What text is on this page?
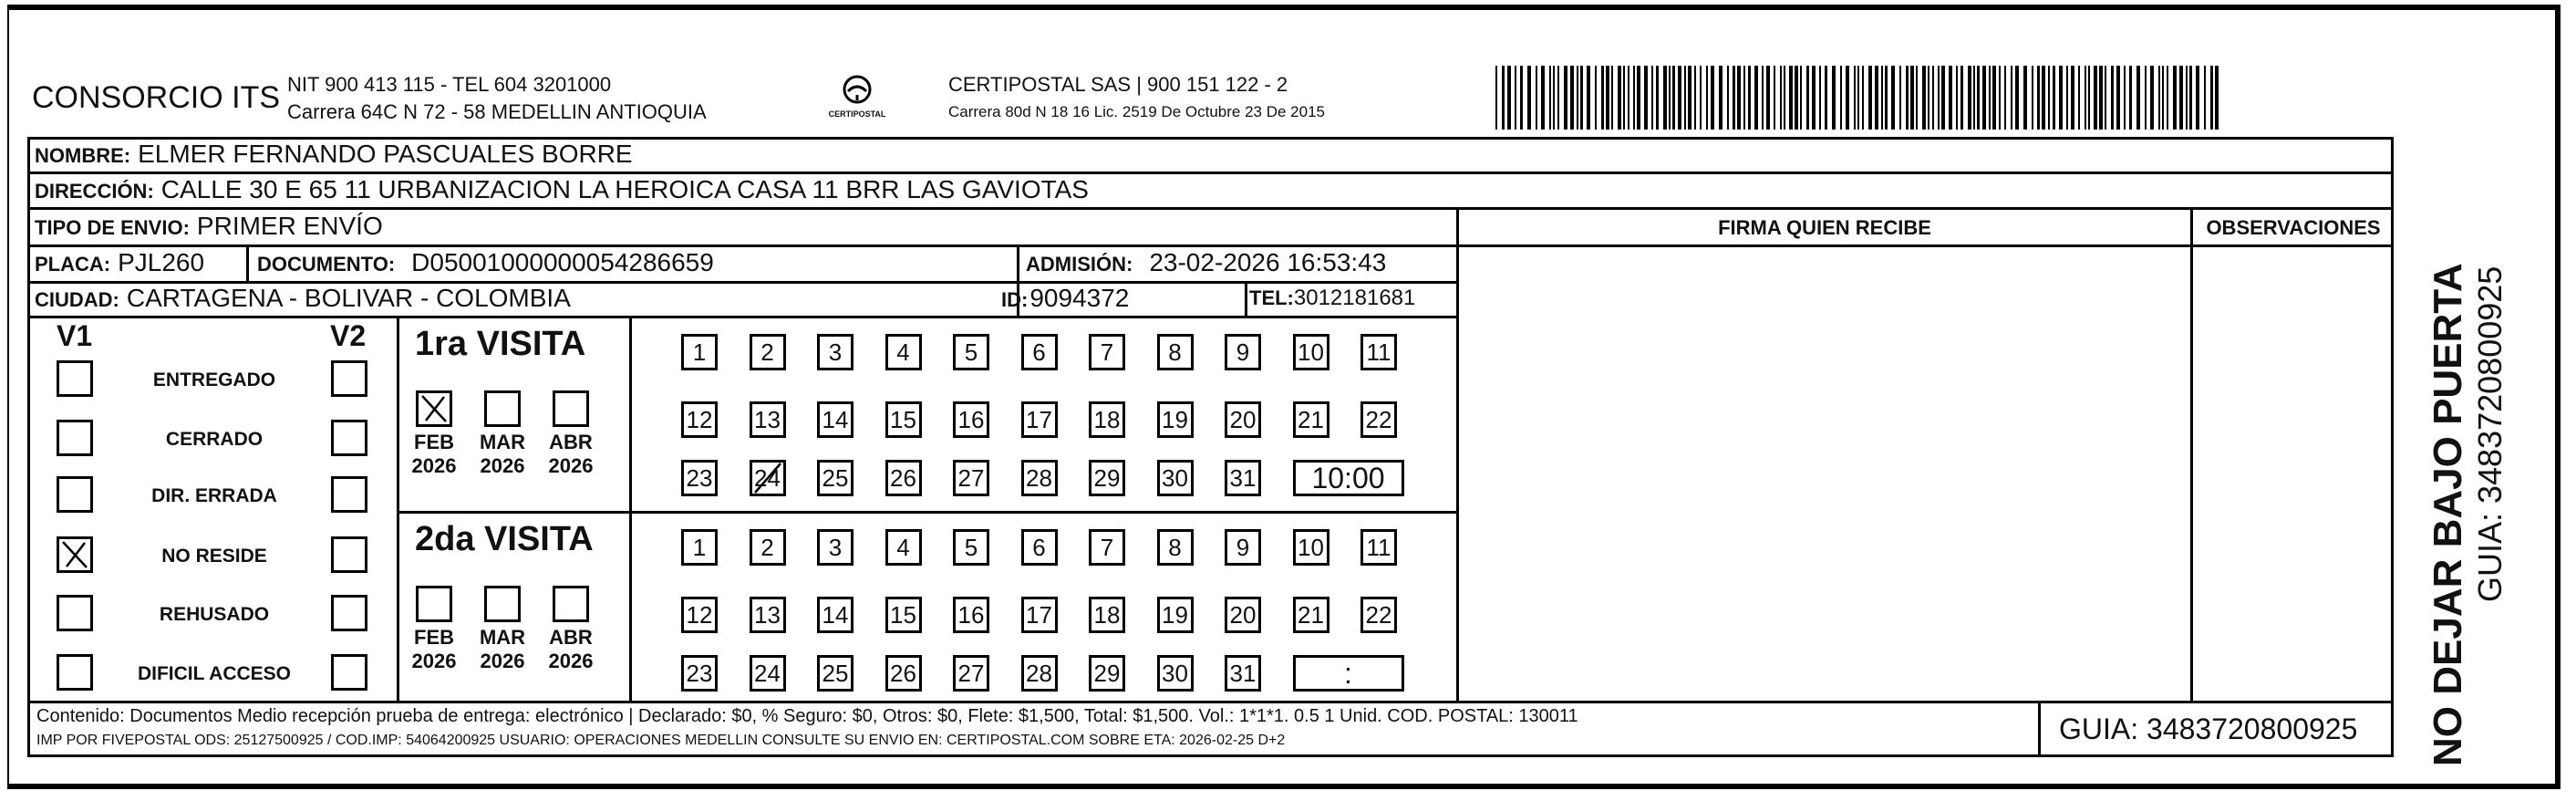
CONSORCIO ITS NIT 900 413 115 - TEL 604 3201000
Carrera 64C N 72 - 58 MEDELLIN ANTIOQUIA	CERTIPOSTAL
CERTIPOSTAL SAS | 900 151 122 - 2
Carrera 80d N 18 16 Lic. 2519 De Octubre 23 De 2015
NOMBRE: ELMER FERNANDO PASCUALES BORRE
DIRECCIÓN: CALLE 30 E 65 11 URBANIZACION LA HEROICA CASA 11 BRR LAS GAVIOTAS
TIPO DE ENVIO: PRIMER ENVÍO
PLACA: PJL260	DOCUMENTO: D05001000000054286659	ADMISIÓN: 23-02-2026 16:53:43
CIUDAD: CARTAGENA - BOLIVAR - COLOMBIA	ID: 9094372	TEL: 3012181681
FIRMA QUIEN RECIBE	OBSERVACIONES
V1	V2
ENTREGADO
CERRADO
DIR. ERRADA
NO RESIDE
REHUSADO
DIFICIL ACCESO
1ra VISITA
FEB
2026
MAR
2026
ABR
2026
1	2	3	4	5	6	7	8	9	10 11
12 13 14 15 16 17 18 19 20 21 22
23 24 25 26 27 28 29 30 31	10:00
2da VISITA
FEB
2026
MAR
2026
ABR
2026
1	2	3	4	5	6	7	8	9	10 11
12 13 14 15 16 17 18 19 20 21 22
23 24 25 26 27 28 29 30 31	:
Contenido: Documentos Medio recepción prueba de entrega: electrónico | Declarado: $0, % Seguro: $0, Otros: $0, Flete: $1,500, Total: $1,500. Vol.: 1*1*1. 0.5 1 Unid. COD. POSTAL: 130011
IMP POR FIVEPOSTAL ODS: 25127500925 / COD.IMP: 54064200925 USUARIO: OPERACIONES MEDELLIN CONSULTE SU ENVIO EN: CERTIPOSTAL.COM SOBRE ETA: 2026-02-25 D+2	GUIA: 3483720800925 NO DEJAR BAJO PUERTA GUIA: 3483720800925
